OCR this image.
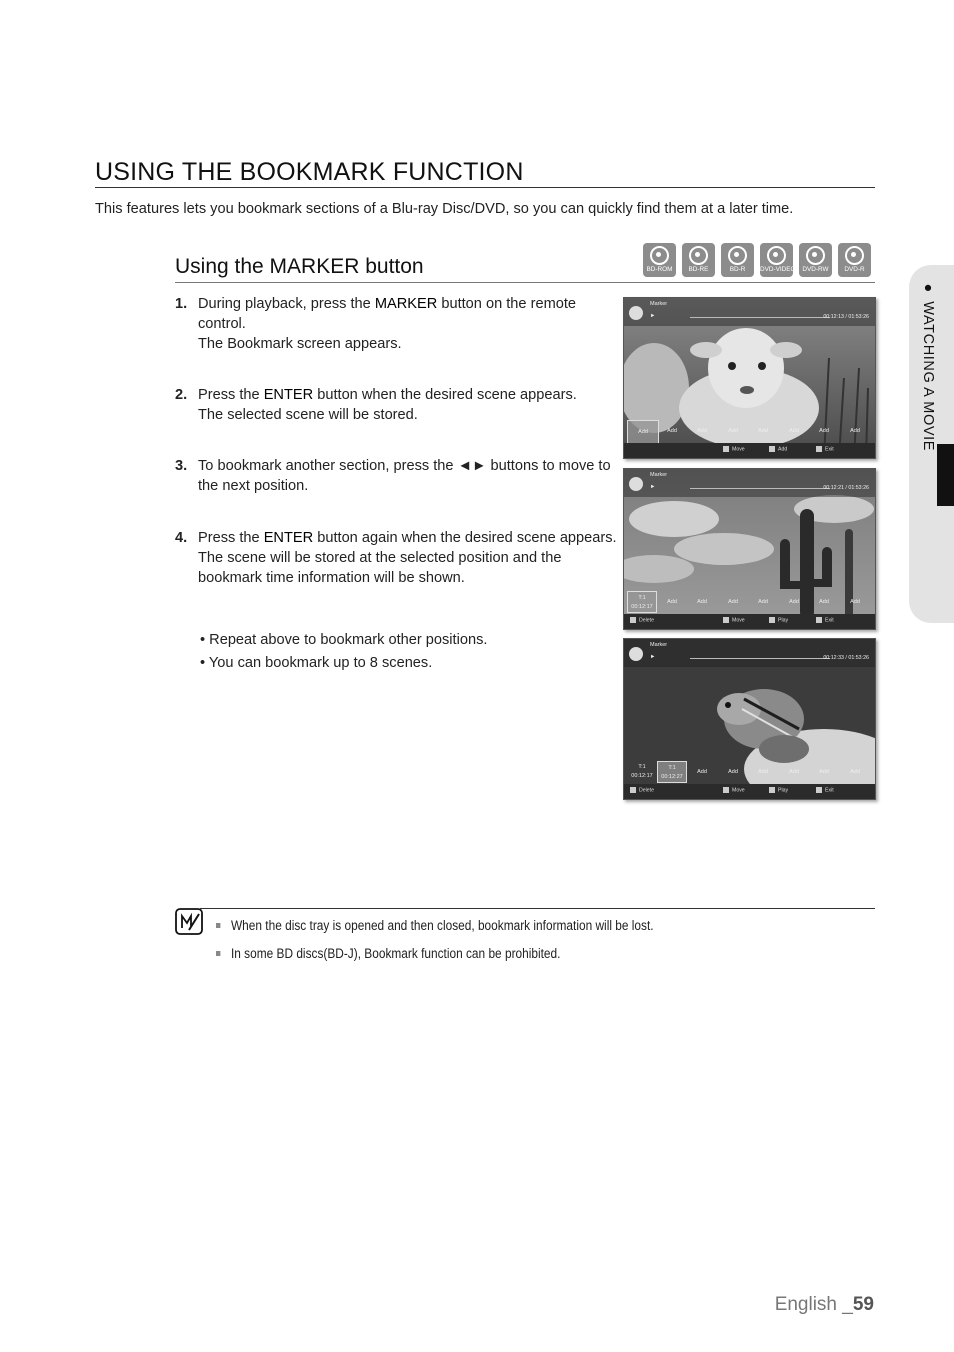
USING THE BOOKMARK FUNCTION
This features lets you bookmark sections of a Blu-ray Disc/DVD, so you can quickly find them at a later time.
Using the MARKER button	BD-ROM	BD-RE	BD-R	DVD-VIDEO	DVD-RW	DVD-R
1. During playback, press the MARKER button on the remote control.

The Bookmark screen appears.

2. Press the ENTER button when the desired scene appears.

The selected scene will be stored.

3. To bookmark another section, press the ◄► buttons to move to the next position.

4. Press the ENTER button again when the desired scene appears.

The scene will be stored at the selected position and the bookmark time information will be shown.

• Repeat above to bookmark other positions.
• You can bookmark up to 8 scenes.
Marker
►	00:12:13 / 01:53:26
Add	Add	Add	Add	Add	Add	Add	Add
Move	Add	Exit
Marker
►	00:12:21 / 01:53:26
T:1 00:12:17
Add	Add	Add	Add	Add	Add	Add
Delete	Move	Play	Exit
Marker
►	00:12:33 / 01:53:26
T:1 00:12:17
T:1 00:12:27
Add	Add	Add	Add	Add	Add
Delete	Move	Play	Exit
When the disc tray is opened and then closed, bookmark information will be lost.
In some BD discs(BD-J), Bookmark function can be prohibited.
● WATCHING A MOVIE
English _59
